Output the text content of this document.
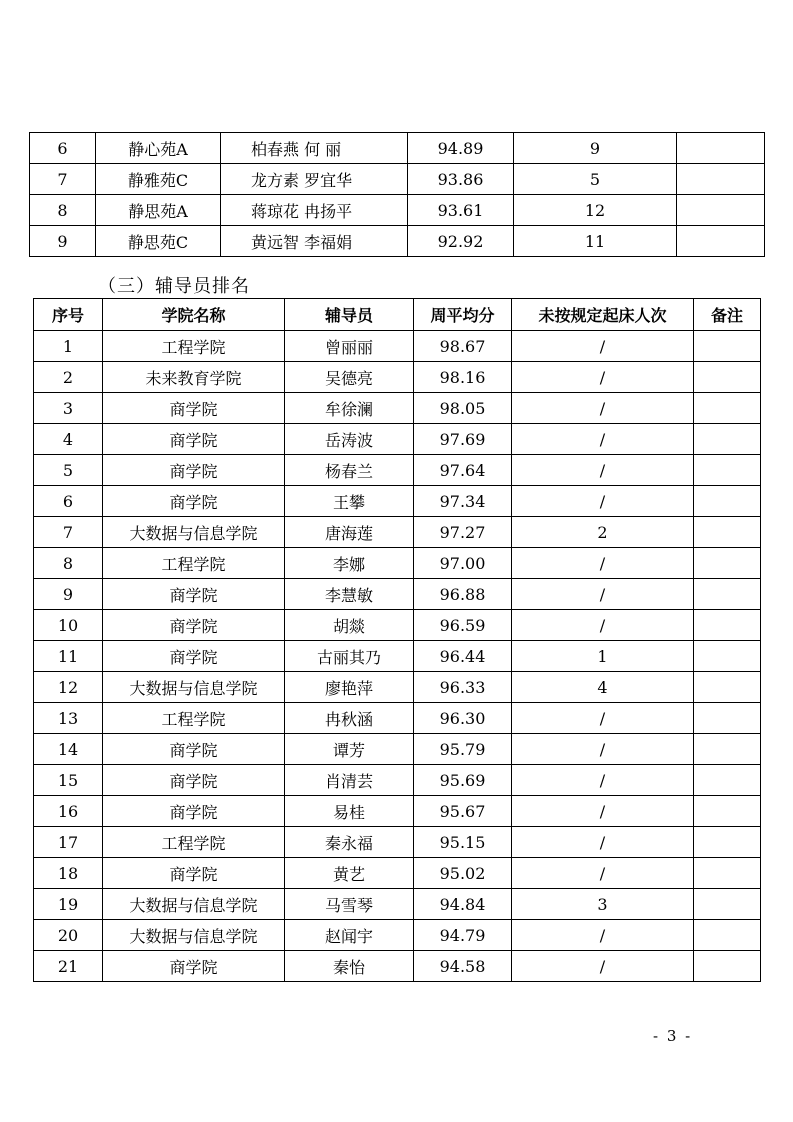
6	静心苑A	柏春燕 何 丽	94.89	9	
7	静雅苑C	龙方素 罗宜华	93.86	5	
8	静思苑A	蒋琼花 冉扬平	93.61	12	
9	静思苑C	黄远智 李福娟	92.92	11	
（三）辅导员排名
序号	学院名称	辅导员	周平均分	未按规定起床人次	备注
1	工程学院	曾丽丽	98.67	/	
2	未来教育学院	吴德亮	98.16	/	
3	商学院	牟徐澜	98.05	/	
4	商学院	岳涛波	97.69	/	
5	商学院	杨春兰	97.64	/	
6	商学院	王攀	97.34	/	
7	大数据与信息学院	唐海莲	97.27	2	
8	工程学院	李娜	97.00	/	
9	商学院	李慧敏	96.88	/	
10	商学院	胡燚	96.59	/	
11	商学院	古丽其乃	96.44	1	
12	大数据与信息学院	廖艳萍	96.33	4	
13	工程学院	冉秋涵	96.30	/	
14	商学院	谭芳	95.79	/	
15	商学院	肖清芸	95.69	/	
16	商学院	易桂	95.67	/	
17	工程学院	秦永福	95.15	/	
18	商学院	黄艺	95.02	/	
19	大数据与信息学院	马雪琴	94.84	3	
20	大数据与信息学院	赵闻宇	94.79	/	
21	商学院	秦怡	94.58	/	
- 3 -
